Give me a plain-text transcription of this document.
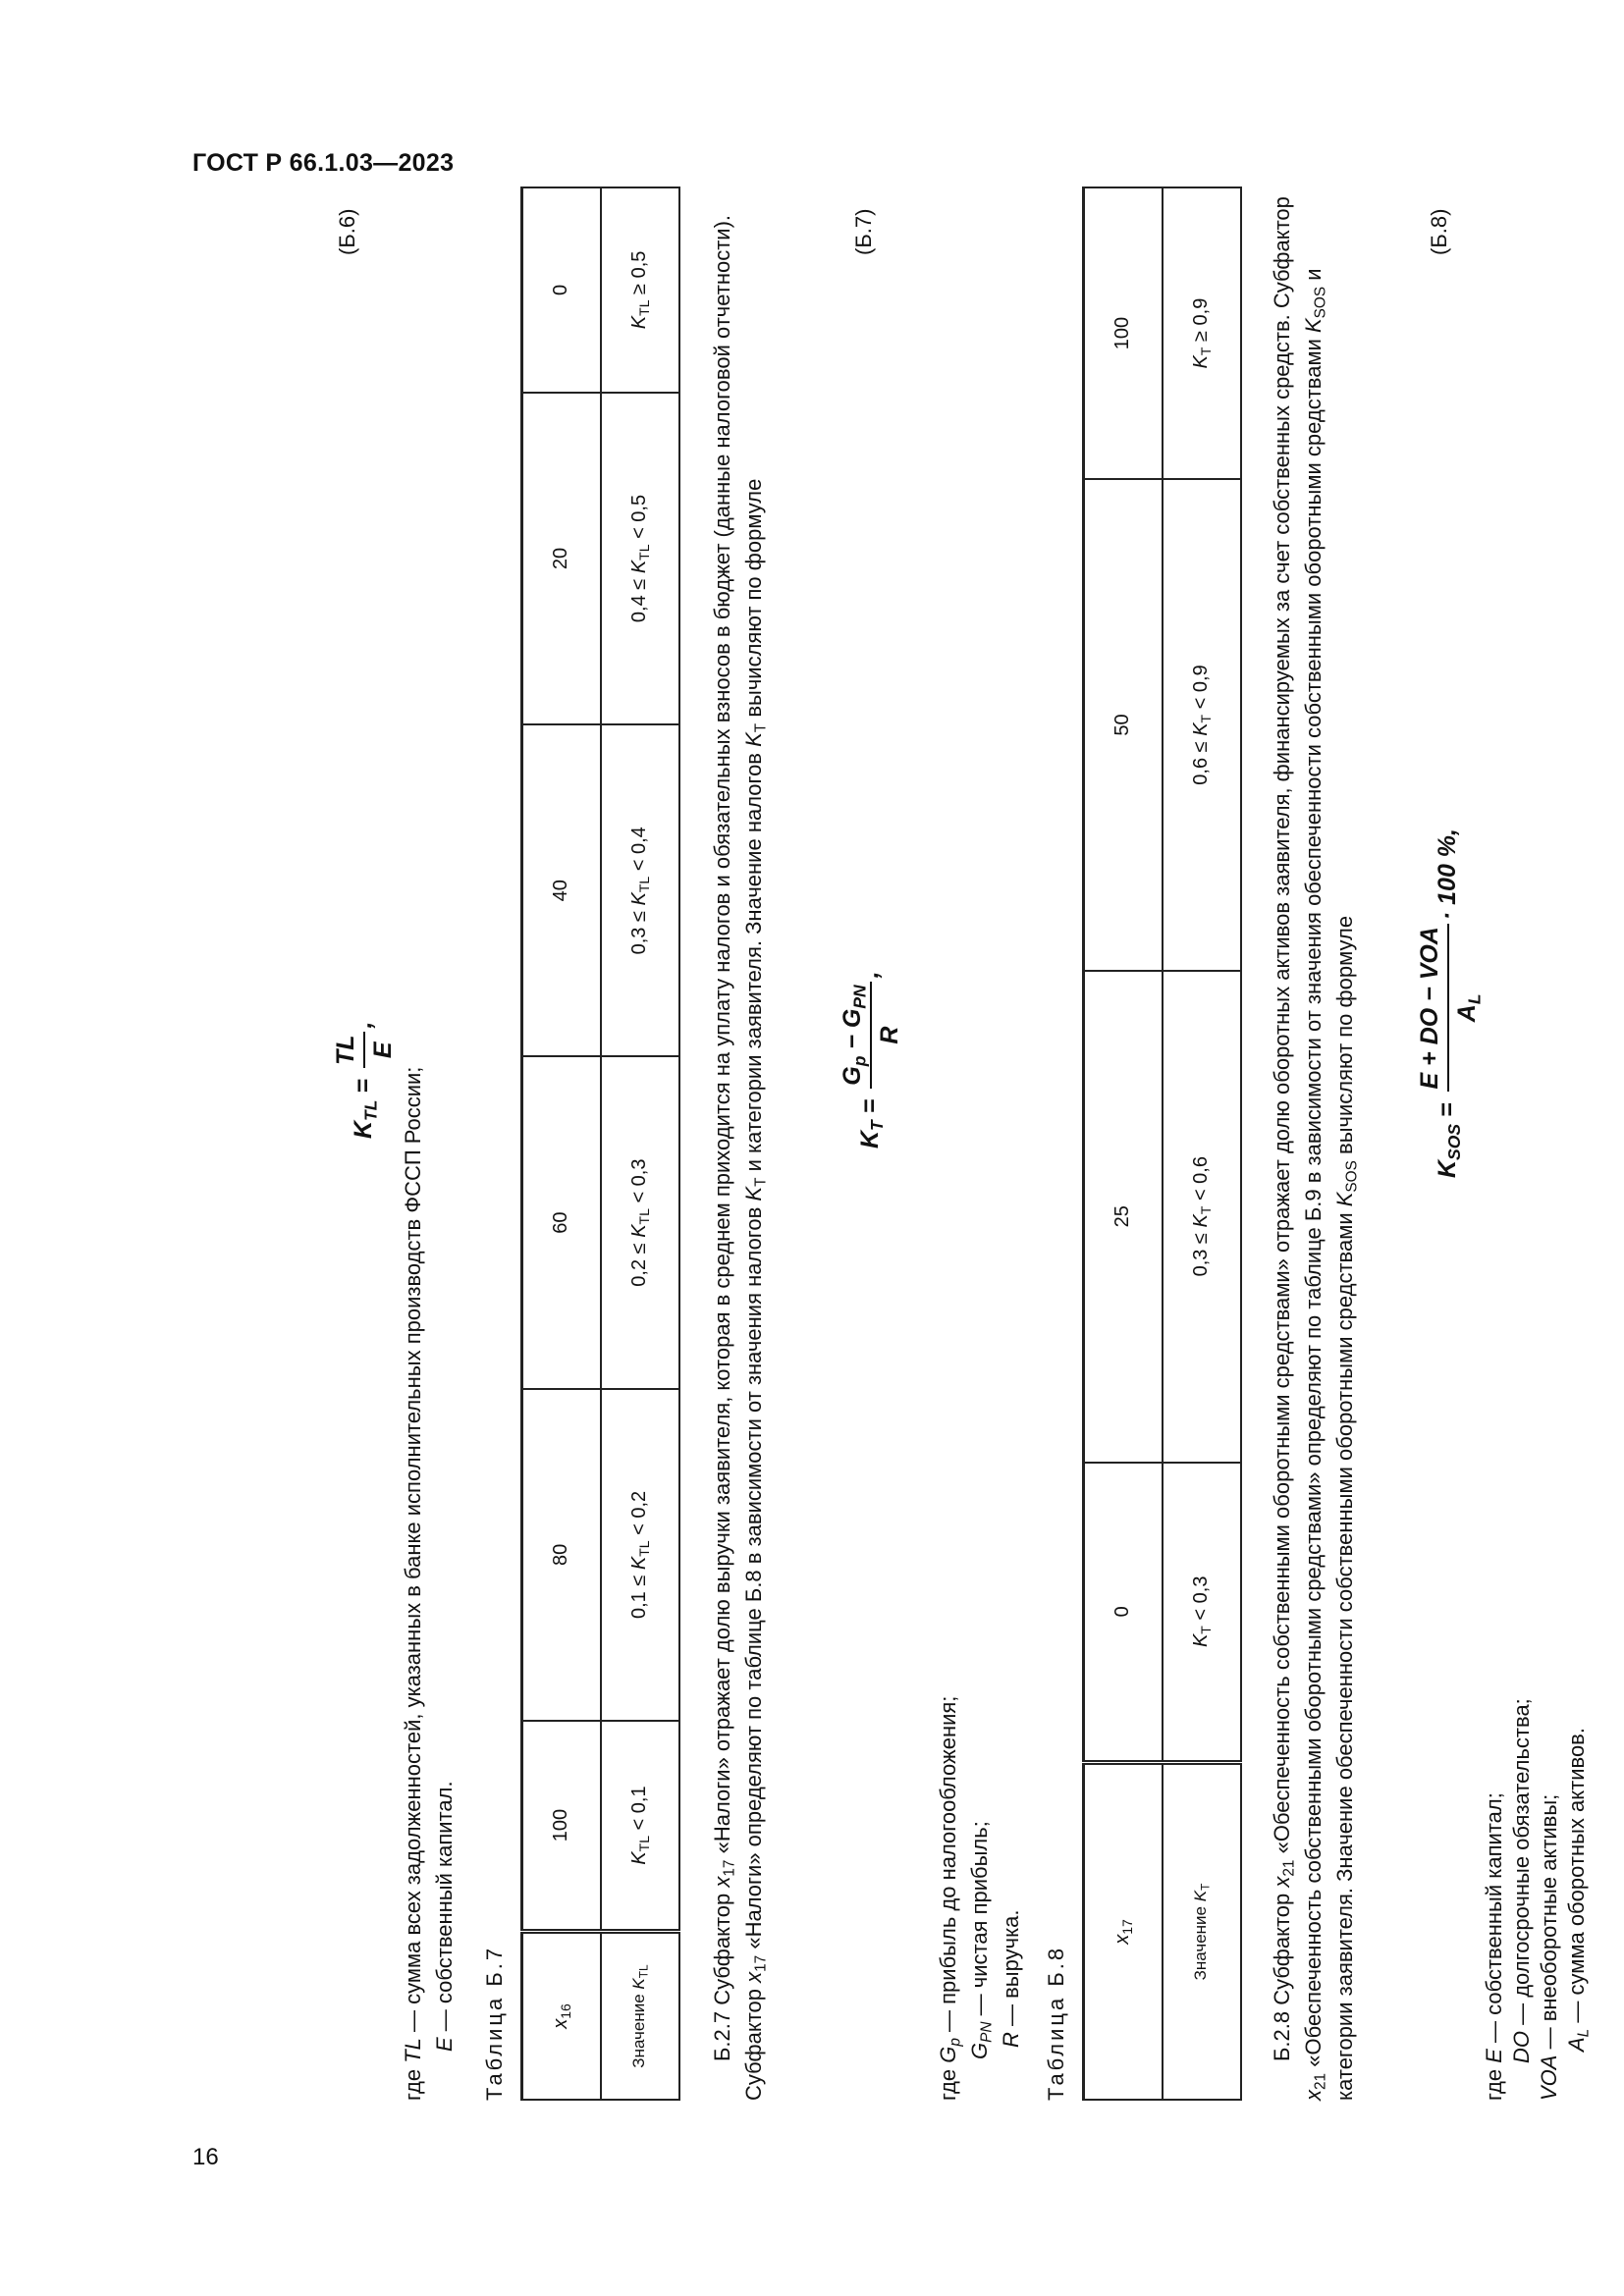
ГОСТ Р 66.1.03—2023
16
$K_{TL}$ =
TL E
,
(Б.6)
где TL — сумма всех задолженностей, указанных в банке исполнительных производств ФССП России;
E — собственный капитал. Таблица Б.7 $x_{16}$	100	80	60	40	20	0
Значение $K_{TL}$	$K_{TL} < 0,1$	$0,1 \le K_{TL} < 0,2$	$0,2 \le K_{TL} < 0,3$	$0,3 \le K_{TL} < 0,4$	$0,4 \le K_{TL} < 0,5$	$K_{TL} \ge 0,5$
Б.2.7 Субфактор $x_{17}$ «Налоги» отражает долю выручки заявителя, которая в среднем приходится на уплату налогов и обязательных взносов в бюджет (данные налоговой отчетности). Субфактор $x_{17}$ «Налоги» определяют по таблице Б.8 в зависимости от значения налогов $K_T$ и категории заявителя. Значение налогов $K_T$ вычисляют по формуле
$K_T$ =
$G_p - G_{PN}$
R
,
(Б.7)
где $G_p$ — прибыль до налогообложения;
$G_{PN}$ — чистая прибыль;
R — выручка. Таблица Б.8
$x_{17}$	0	25	50	100
Значение $K_T$	$K_T < 0,3$	$0,3 \le K_T < 0,6$	$0,6 \le K_T < 0,9$	$K_T \ge 0,9$
Б.2.8 Субфактор $x_{21}$ «Обеспеченность собственными оборотными средствами» отражает долю оборотных активов заявителя, финансируемых за счет собственных средств. Субфактор $x_{21}$ «Обеспеченность собственными оборотными средствами» определяют по таблице Б.9 в зависимости от значения обеспеченности собственными оборотными средствами $K_{SOS}$ и категории заявителя. Значение обеспеченности собственными оборотными средствами $K_{SOS}$ вычисляют по формуле
$K_{SOS}$ =
E + DO − VOA $A_L$
· 100 %,
(Б.8)
где E — собственный капитал; DO — долгосрочные обязательства;
VOA — внеоборотные активы; $A_L$ — сумма оборотных активов.
